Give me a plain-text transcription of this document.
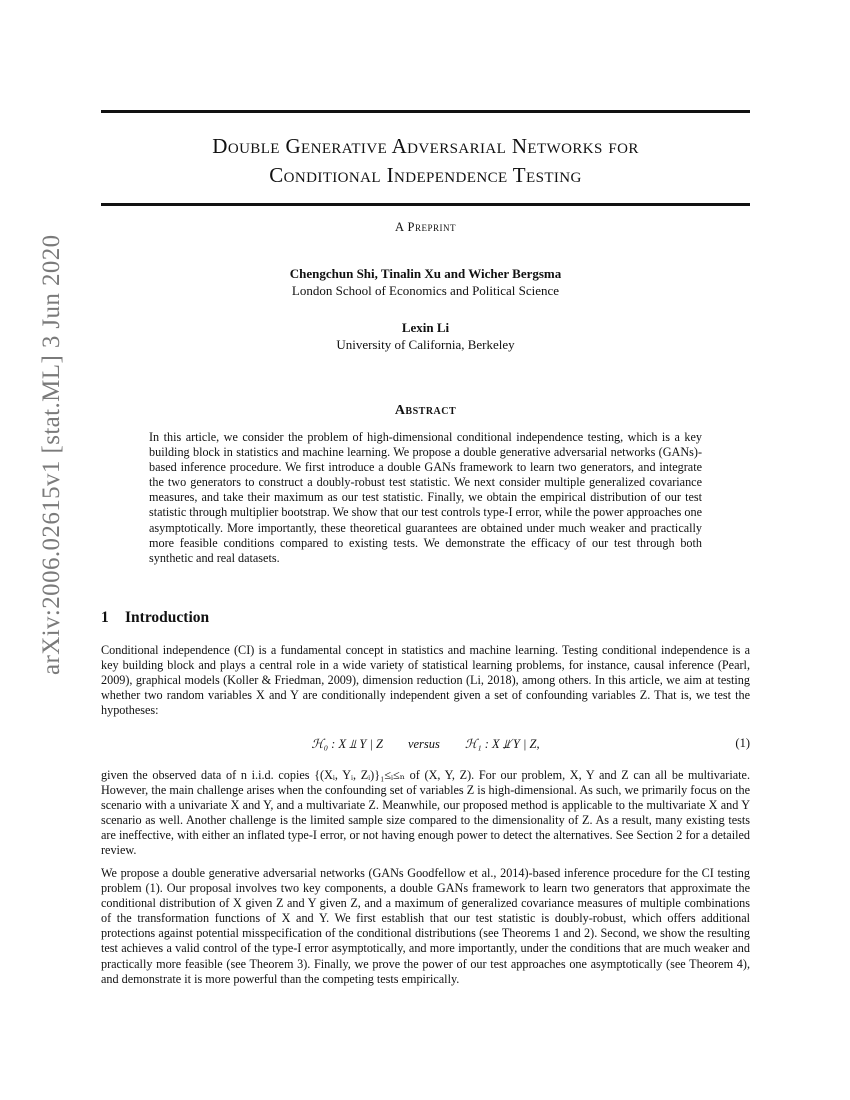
arXiv:2006.02615v1 [stat.ML] 3 Jun 2020
Double Generative Adversarial Networks for
Conditional Independence Testing
A Preprint
Chengchun Shi, Tinalin Xu and Wicher Bergsma
London School of Economics and Political Science
Lexin Li
University of California, Berkeley
Abstract
In this article, we consider the problem of high-dimensional conditional independence testing, which is a key building block in statistics and machine learning. We propose a double generative adversarial networks (GANs)-based inference procedure. We first introduce a double GANs framework to learn two generators, and integrate the two generators to construct a doubly-robust test statistic. We next consider multiple generalized covariance measures, and take their maximum as our test statistic. Finally, we obtain the empirical distribution of our test statistic through multiplier bootstrap. We show that our test controls type-I error, while the power approaches one asymptotically. More importantly, these theoretical guarantees are obtained under much weaker and practically more feasible conditions compared to existing tests. We demonstrate the efficacy of our test through both synthetic and real datasets.
1 Introduction
Conditional independence (CI) is a fundamental concept in statistics and machine learning. Testing conditional independence is a key building block and plays a central role in a wide variety of statistical learning problems, for instance, causal inference (Pearl, 2009), graphical models (Koller & Friedman, 2009), dimension reduction (Li, 2018), among others. In this article, we aim at testing whether two random variables X and Y are conditionally independent given a set of confounding variables Z. That is, we test the hypotheses:
ℋ₀ : X ⫫ Y | Z        versus        ℋ₁ : X ⫫̸ Y | Z,	(1)
given the observed data of n i.i.d. copies {(Xᵢ, Yᵢ, Zᵢ)}₁≤ᵢ≤ₙ of (X, Y, Z). For our problem, X, Y and Z can all be multivariate. However, the main challenge arises when the confounding set of variables Z is high-dimensional. As such, we primarily focus on the scenario with a univariate X and Y, and a multivariate Z. Meanwhile, our proposed method is applicable to the multivariate X and Y scenario as well. Another challenge is the limited sample size compared to the dimensionality of Z. As a result, many existing tests are ineffective, with either an inflated type-I error, or not having enough power to detect the alternatives. See Section 2 for a detailed review.
We propose a double generative adversarial networks (GANs Goodfellow et al., 2014)-based inference procedure for the CI testing problem (1). Our proposal involves two key components, a double GANs framework to learn two generators that approximate the conditional distribution of X given Z and Y given Z, and a maximum of generalized covariance measures of multiple combinations of the transformation functions of X and Y. We first establish that our test statistic is doubly-robust, which offers additional protections against potential misspecification of the conditional distributions (see Theorems 1 and 2). Second, we show the resulting test achieves a valid control of the type-I error asymptotically, and more importantly, under the conditions that are much weaker and practically more feasible (see Theorem 3). Finally, we prove the power of our test approaches one asymptotically (see Theorem 4), and demonstrate it is more powerful than the competing tests empirically.
